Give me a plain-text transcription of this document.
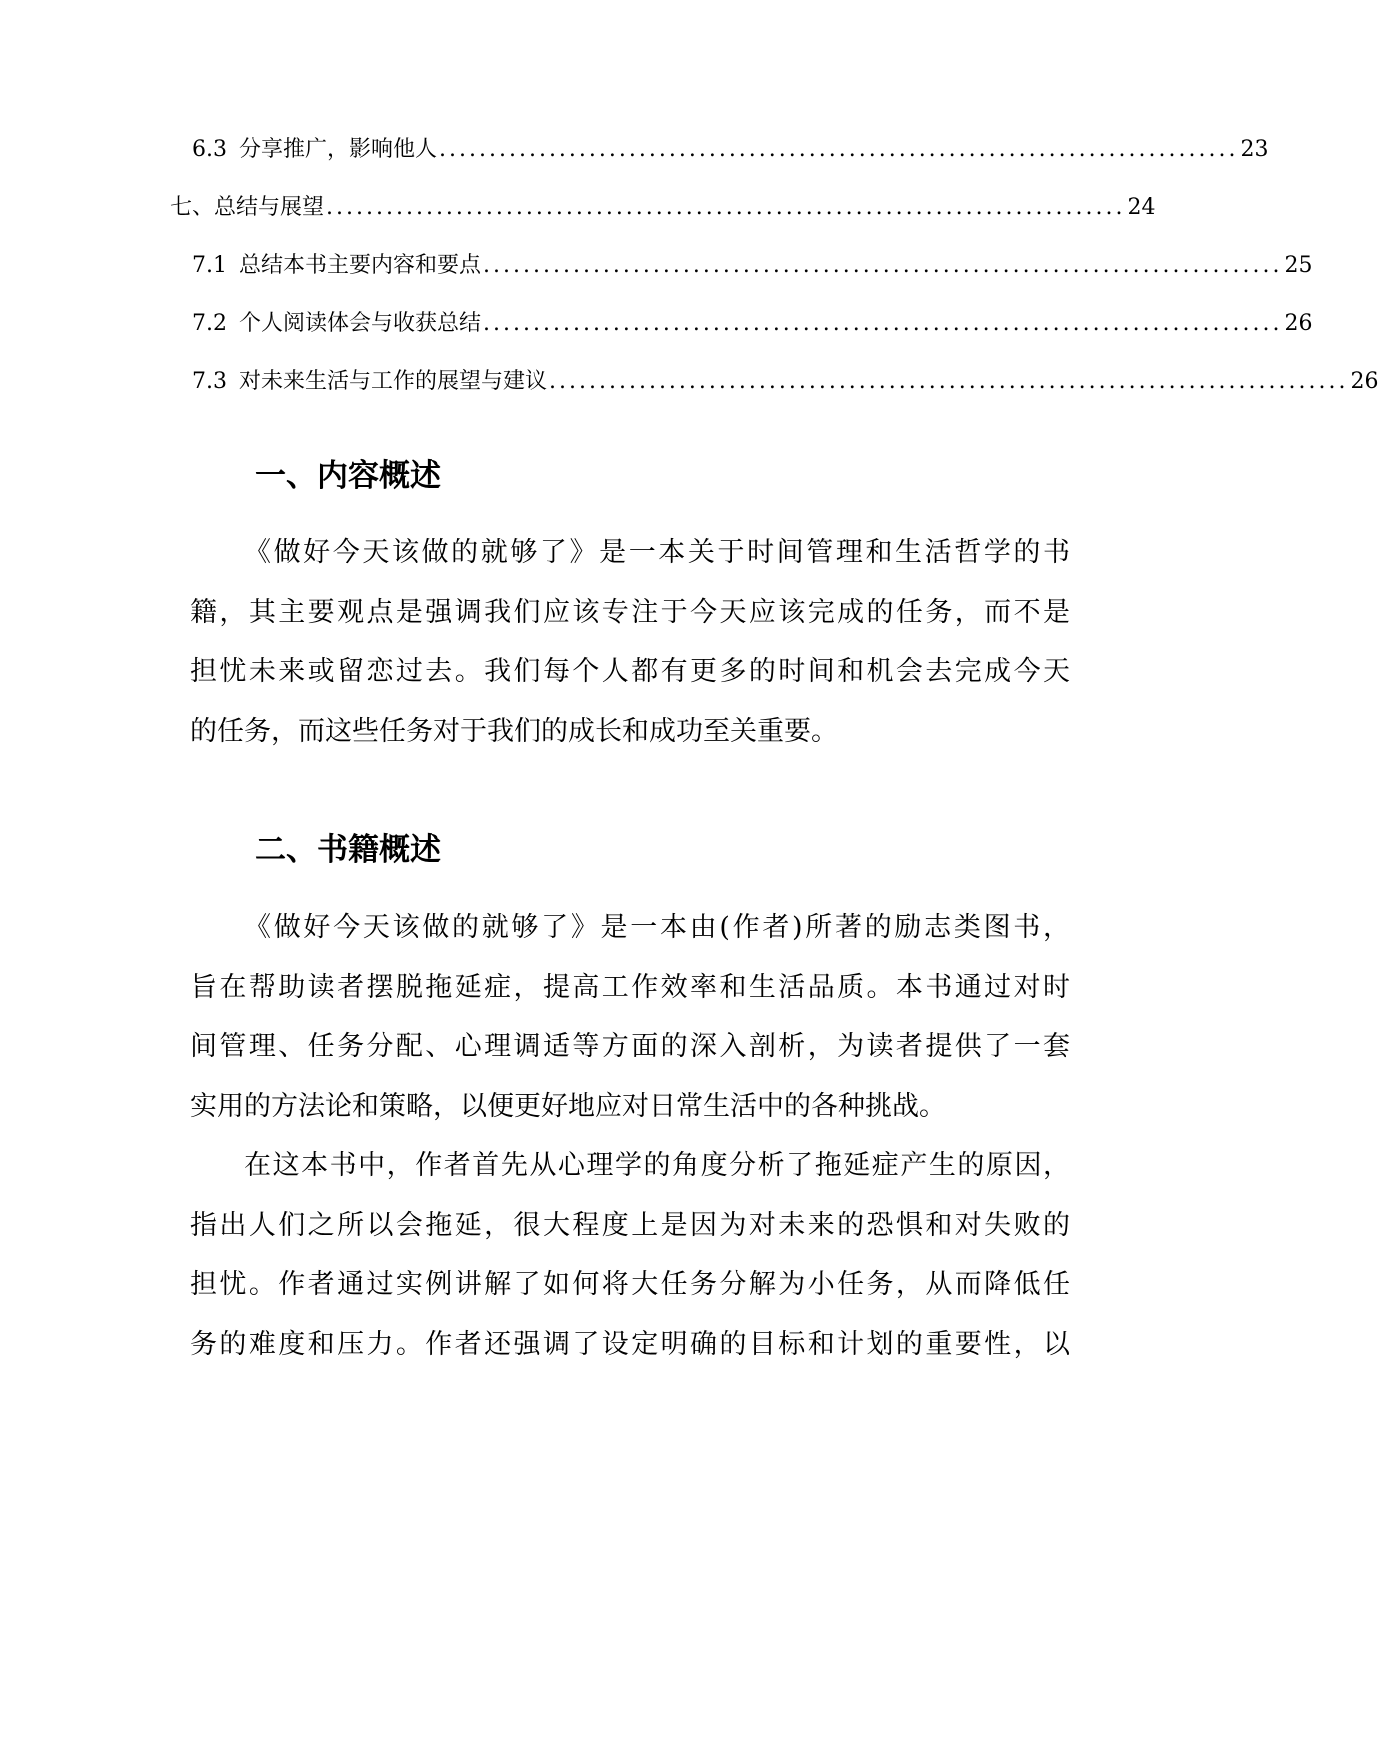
6.3 分享推广，影响他人 ................................................................................ 23
七、总结与展望 ................................................................................ 24
7.1 总结本书主要内容和要点 ................................................................................ 25
7.2 个人阅读体会与收获总结 ................................................................................ 26
7.3 对未来生活与工作的展望与建议 ................................................................................ 26
一、内容概述
《做好今天该做的就够了》是一本关于时间管理和生活哲学的书
籍，其主要观点是强调我们应该专注于今天应该完成的任务，而不是
担忧未来或留恋过去。我们每个人都有更多的时间和机会去完成今天
的任务，而这些任务对于我们的成长和成功至关重要。
二、书籍概述
《做好今天该做的就够了》是一本由(作者)所著的励志类图书，
旨在帮助读者摆脱拖延症，提高工作效率和生活品质。本书通过对时
间管理、任务分配、心理调适等方面的深入剖析，为读者提供了一套
实用的方法论和策略，以便更好地应对日常生活中的各种挑战。
在这本书中，作者首先从心理学的角度分析了拖延症产生的原因，
指出人们之所以会拖延，很大程度上是因为对未来的恐惧和对失败的
担忧。作者通过实例讲解了如何将大任务分解为小任务，从而降低任
务的难度和压力。作者还强调了设定明确的目标和计划的重要性，以
